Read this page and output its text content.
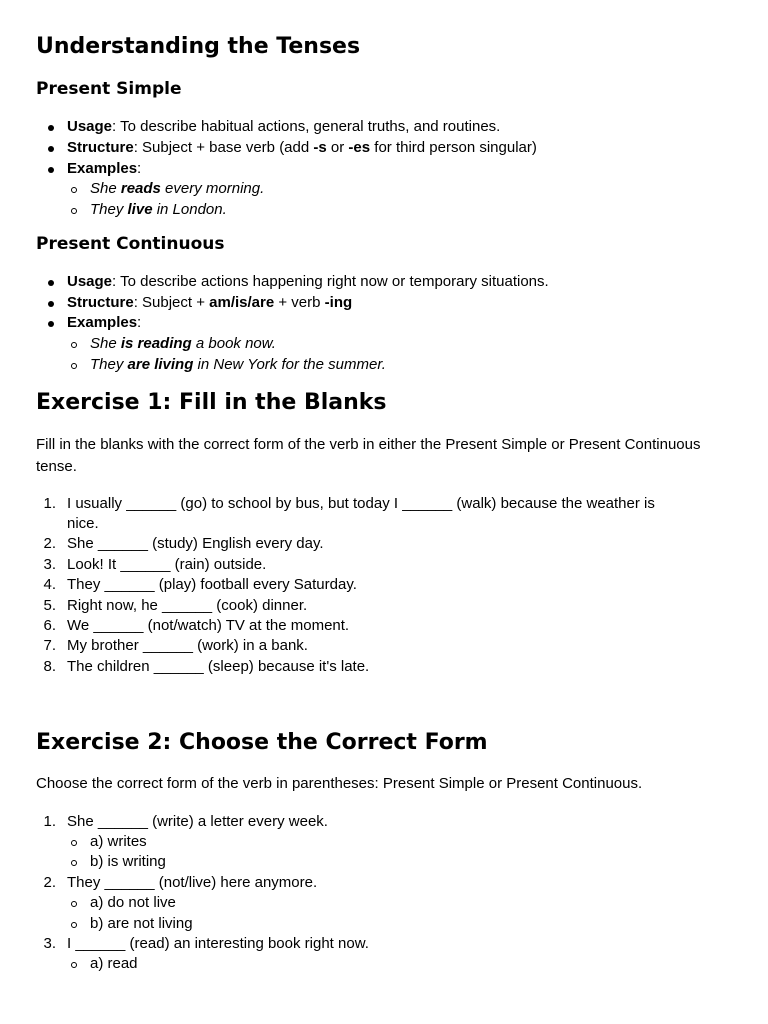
Understanding the Tenses
Present Simple
Usage: To describe habitual actions, general truths, and routines.
Structure: Subject + base verb (add -s or -es for third person singular)
Examples:
She reads every morning.
They live in London.
Present Continuous
Usage: To describe actions happening right now or temporary situations.
Structure: Subject + am/is/are + verb -ing
Examples:
She is reading a book now.
They are living in New York for the summer.
Exercise 1: Fill in the Blanks
Fill in the blanks with the correct form of the verb in either the Present Simple or Present Continuous tense.
1. I usually ______ (go) to school by bus, but today I ______ (walk) because the weather is
nice.
2. She ______ (study) English every day.
3. Look! It ______ (rain) outside.
4. They ______ (play) football every Saturday.
5. Right now, he ______ (cook) dinner.
6. We ______ (not/watch) TV at the moment.
7. My brother ______ (work) in a bank.
8. The children ______ (sleep) because it's late.
Exercise 2: Choose the Correct Form
Choose the correct form of the verb in parentheses: Present Simple or Present Continuous.
1. She ______ (write) a letter every week.
a) writes
b) is writing
2. They ______ (not/live) here anymore.
a) do not live
b) are not living
3. I ______ (read) an interesting book right now.
a) read
